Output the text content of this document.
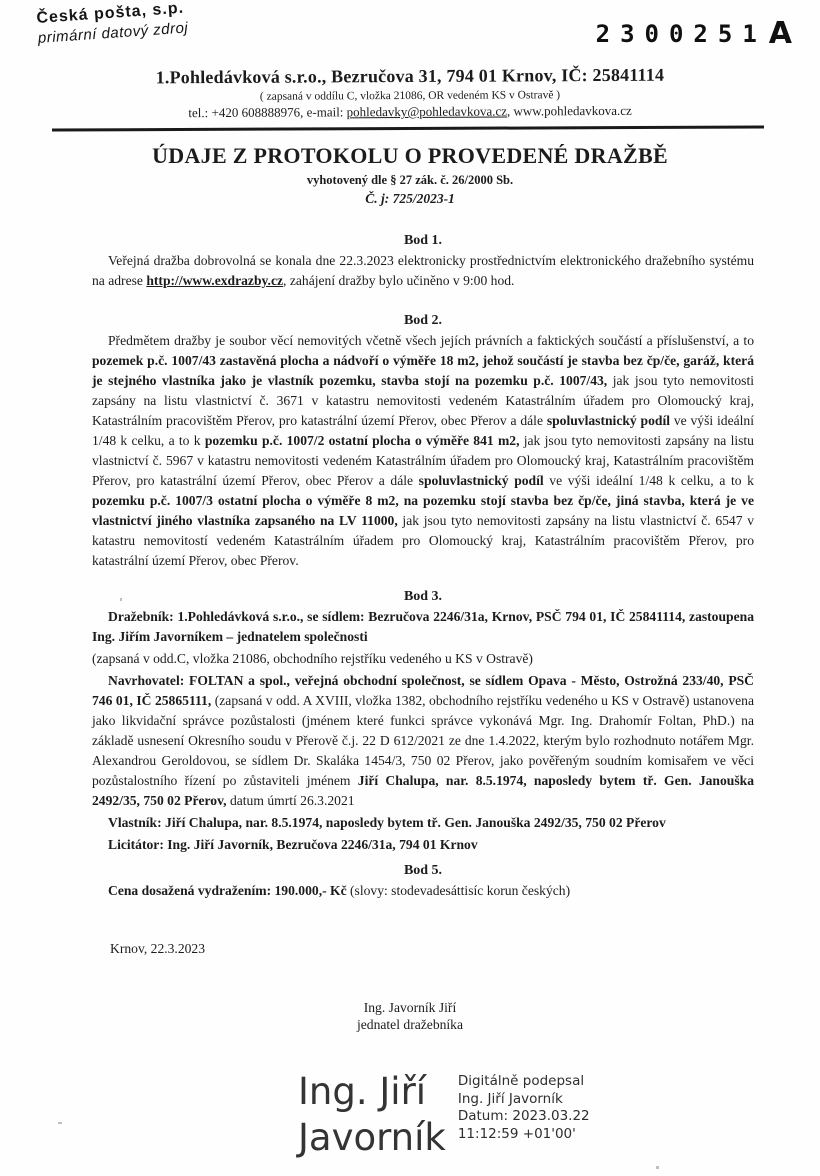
Česká pošta, s.p.
primární datový zdroj	2300251 A
1.Pohledávková s.r.o., Bezručova 31, 794 01 Krnov, IČ: 25841114
( zapsaná v oddílu C, vložka 21086, OR vedeném KS v Ostravě )
tel.: +420 608888976, e-mail: pohledavky@pohledavkova.cz, www.pohledavkova.cz
ÚDAJE Z PROTOKOLU O PROVEDENÉ DRAŽBĚ
vyhotovený dle § 27 zák. č. 26/2000 Sb.
Č. j: 725/2023-1
Bod 1.

Veřejná dražba dobrovolná se konala dne 22.3.2023 elektronicky prostřednictvím elektronického dražebního systému na adrese http://www.exdrazby.cz, zahájení dražby bylo učiněno v 9:00 hod.

Bod 2.

Předmětem dražby je soubor věcí nemovitých včetně všech jejích právních a faktických součástí a příslušenství, a to pozemek p.č. 1007/43 zastavěná plocha a nádvoří o výměře 18 m2, jehož součástí je stavba bez čp/če, garáž, která je stejného vlastníka jako je vlastník pozemku, stavba stojí na pozemku p.č. 1007/43, jak jsou tyto nemovitosti zapsány na listu vlastnictví č. 3671 v katastru nemovitosti vedeném Katastrálním úřadem pro Olomoucký kraj, Katastrálním pracovištěm Přerov, pro katastrální území Přerov, obec Přerov a dále spoluvlastnický podíl ve výši ideální 1/48 k celku, a to k pozemku p.č. 1007/2 ostatní plocha o výměře 841 m2, jak jsou tyto nemovitosti zapsány na listu vlastnictví č. 5967 v katastru nemovitosti vedeném Katastrálním úřadem pro Olomoucký kraj, Katastrálním pracovištěm Přerov, pro katastrální území Přerov, obec Přerov a dále spoluvlastnický podíl ve výši ideální 1/48 k celku, a to k pozemku p.č. 1007/3 ostatní plocha o výměře 8 m2, na pozemku stojí stavba bez čp/če, jiná stavba, která je ve vlastnictví jiného vlastníka zapsaného na LV 11000, jak jsou tyto nemovitosti zapsány na listu vlastnictví č. 6547 v katastru nemovitostí vedeném Katastrálním úřadem pro Olomoucký kraj, Katastrálním pracovištěm Přerov, pro katastrální území Přerov, obec Přerov.

Bod 3.

Dražebník: 1.Pohledávková s.r.o., se sídlem: Bezručova 2246/31a, Krnov, PSČ 794 01, IČ 25841114, zastoupena Ing. Jiřím Javorníkem – jednatelem společnosti

(zapsaná v odd.C, vložka 21086, obchodního rejstříku vedeného u KS v Ostravě)

Navrhovatel: FOLTAN a spol., veřejná obchodní společnost, se sídlem Opava - Město, Ostrožná 233/40, PSČ 746 01, IČ 25865111, (zapsaná v odd. A XVIII, vložka 1382, obchodního rejstříku vedeného u KS v Ostravě) ustanovena jako likvidační správce pozůstalosti (jménem které funkci správce vykonává Mgr. Ing. Drahomír Foltan, PhD.) na základě usnesení Okresního soudu v Přerově č.j. 22 D 612/2021 ze dne 1.4.2022, kterým bylo rozhodnuto notářem Mgr. Alexandrou Geroldovou, se sídlem Dr. Skaláka 1454/3, 750 02 Přerov, jako pověřeným soudním komisařem ve věci pozůstalostního řízení po zůstaviteli jménem Jiří Chalupa, nar. 8.5.1974, naposledy bytem tř. Gen. Janouška 2492/35, 750 02 Přerov, datum úmrtí 26.3.2021

Vlastník: Jiří Chalupa, nar. 8.5.1974, naposledy bytem tř. Gen. Janouška 2492/35, 750 02 Přerov

Licitátor: Ing. Jiří Javorník, Bezručova 2246/31a, 794 01 Krnov

Bod 5.

Cena dosažená vydražením: 190.000,- Kč (slovy: stodevadesáttisíc korun českých)

Krnov, 22.3.2023
Ing. Javorník Jiří
jednatel dražebníka
Ing. Jiří
Javorník
Digitálně podepsal
Ing. Jiří Javorník
Datum: 2023.03.22
11:12:59 +01'00'
